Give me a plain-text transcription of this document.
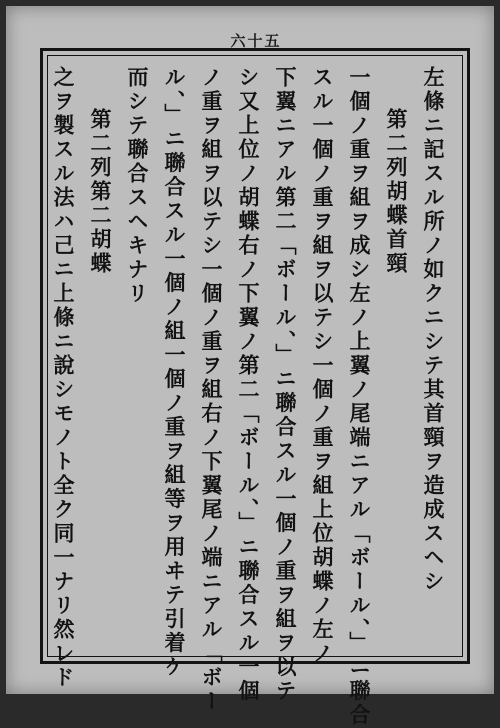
六十五
左條ニ記スル所ノ如クニシテ其首頸ヲ造成スヘシ
第二列胡蝶首頸
一個ノ重ヲ組ヲ成シ左ノ上翼ノ尾端ニアル「ボール、」ニ聯合
スル一個ノ重ヲ組ヲ以テシ一個ノ重ヲ組上位胡蝶ノ左ノ
下翼ニアル第二「ボール、」ニ聯合スル一個ノ重ヲ組ヲ以テ
シ又上位ノ胡蝶右ノ下翼ノ第二「ボール、」ニ聯合スル一個
ノ重ヲ組ヲ以テシ一個ノ重ヲ組右ノ下翼尾ノ端ニアル「ボー
ル、」ニ聯合スル一個ノ組一個ノ重ヲ組等ヲ用ヰテ引着ケ
而シテ聯合スヘキナリ
第二列第二胡蝶
之ヲ製スル法ハ己ニ上條ニ說シモノト全ク同一ナリ然レド
